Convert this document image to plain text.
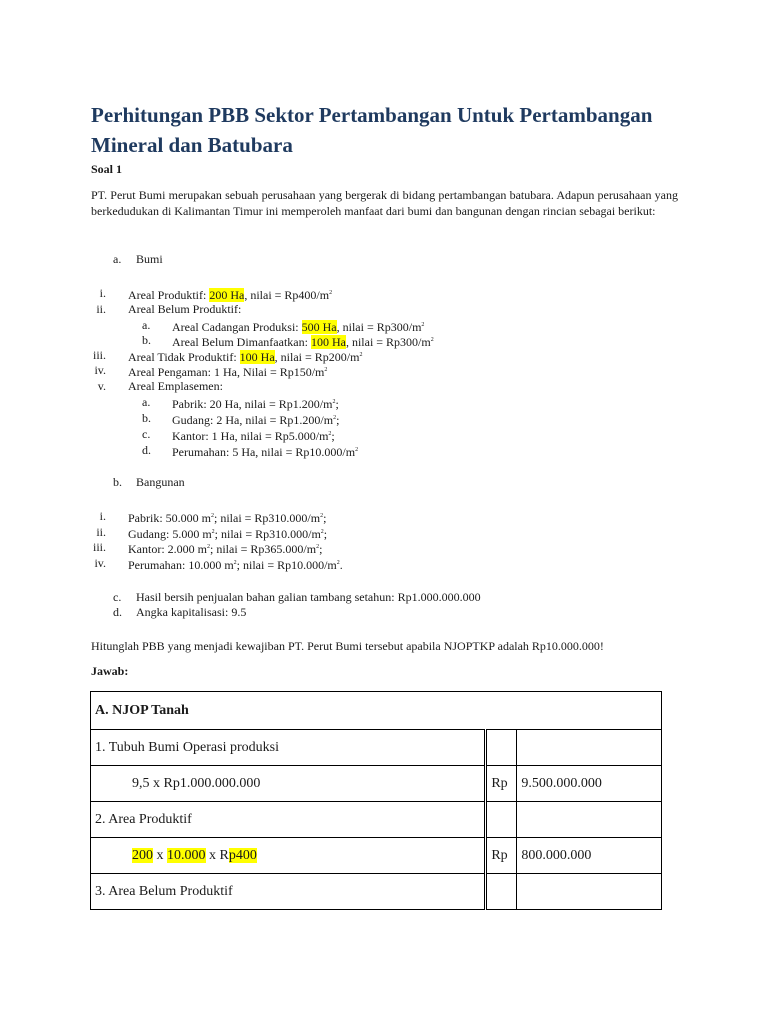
Perhitungan PBB Sektor Pertambangan Untuk Pertambangan
Mineral dan Batubara
Soal 1
PT. Perut Bumi merupakan sebuah perusahaan yang bergerak di bidang pertambangan batubara. Adapun perusahaan yang berkedudukan di Kalimantan Timur ini memperoleh manfaat dari bumi dan bangunan dengan rincian sebagai berikut:
a. Bumi
i. Areal Produktif: 200 Ha, nilai = $Rp400/m^2$
ii. Areal Belum Produktif:
a. Areal Cadangan Produksi: 500 Ha, nilai = $Rp300/m^2$
b. Areal Belum Dimanfaatkan: 100 Ha, nilai = $Rp300/m^2$
iii. Areal Tidak Produktif: 100 Ha, nilai = $Rp200/m^2$
iv. Areal Pengaman: 1 Ha, Nilai = $Rp150/m^2$
v. Areal Emplasemen:
a. Pabrik: 20 Ha, nilai = $Rp1.200/m^2$;
b. Gudang: 2 Ha, nilai = $Rp1.200/m^2$;
c. Kantor: 1 Ha, nilai = $Rp5.000/m^2$;
d. Perumahan: 5 Ha, nilai = $Rp10.000/m^2$
b. Bangunan
i. Pabrik: 50.000 $m^2$; nilai = $Rp310.000/m^2$;
ii. Gudang: 5.000 $m^2$; nilai = $Rp310.000/m^2$;
iii. Kantor: 2.000 $m^2$; nilai = $Rp365.000/m^2$;
iv. Perumahan: 10.000 $m^2$; nilai = $Rp10.000/m^2$.
c. Hasil bersih penjualan bahan galian tambang setahun: Rp1.000.000.000
d. Angka kapitalisasi: 9.5
Hitunglah PBB yang menjadi kewajiban PT. Perut Bumi tersebut apabila NJOPTKP adalah Rp10.000.000!
Jawab:
A. NJOP Tanah		
1. Tubuh Bumi Operasi produksi		
9,5 x Rp1.000.000.000	Rp	9.500.000.000
2. Area Produktif		
200 x 10.000 x Rp400	Rp	800.000.000
3. Area Belum Produktif		
